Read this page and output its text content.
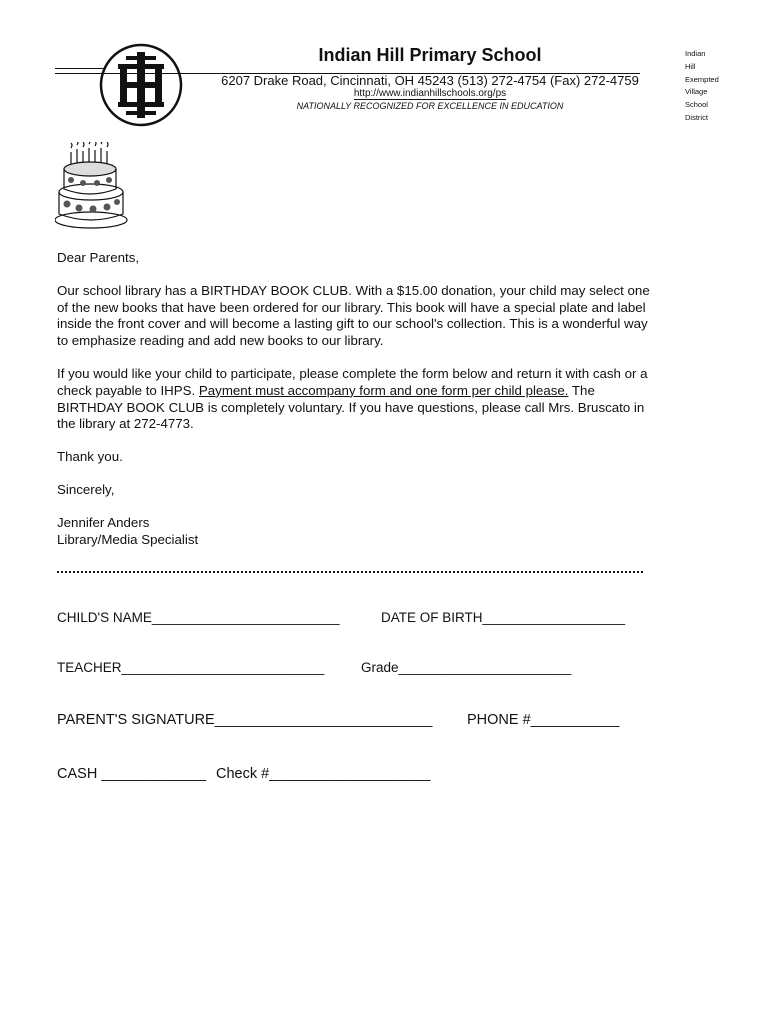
Indian Hill Primary School
6207 Drake Road, Cincinnati, OH 45243 (513) 272-4754 (Fax) 272-4759
http://www.indianhillschools.org/ps
NATIONALLY RECOGNIZED FOR EXCELLENCE IN EDUCATION
Indian
Hill
Exempted
Village
School
District

Dear Parents,

Our school library has a BIRTHDAY BOOK CLUB. With a $15.00 donation, your child may select one of the new books that have been ordered for our library. This book will have a special plate and label inside the front cover and will become a lasting gift to our school's collection. This is a wonderful way to emphasize reading and add new books to our library.

If you would like your child to participate, please complete the form below and return it with cash or a check payable to IHPS. Payment must accompany form and one form per child please. The BIRTHDAY BOOK CLUB is completely voluntary. If you have questions, please call Mrs. Bruscato in the library at 272-4773.

Thank you.

Sincerely,

Jennifer Anders
Library/Media Specialist
CHILD'S NAME_________________________	DATE OF BIRTH___________________
TEACHER___________________________	Grade_______________________
PARENT'S SIGNATURE___________________________ PHONE #___________
CASH _____________ Check #____________________
